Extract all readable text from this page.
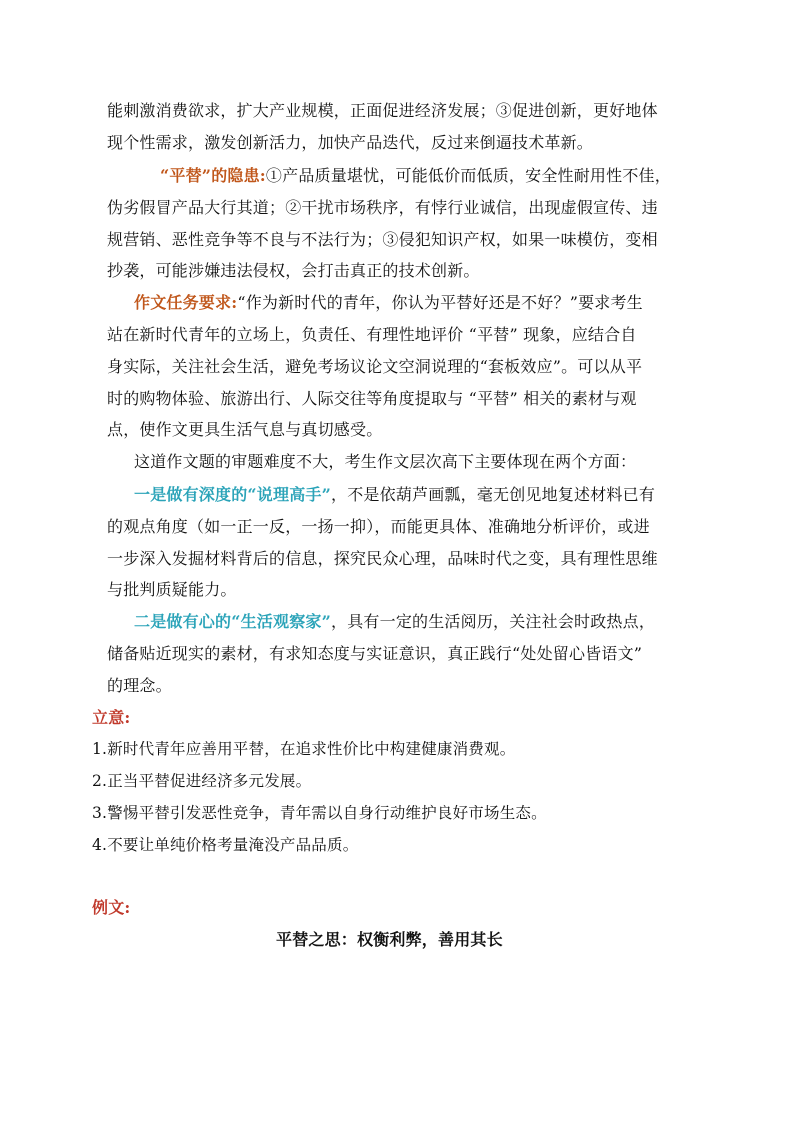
能刺激消费欲求，扩大产业规模，正面促进经济发展；③促进创新，更好地体
现个性需求，激发创新活力，加快产品迭代，反过来倒逼技术革新。
“平替”的隐患:①产品质量堪忧，可能低价而低质，安全性耐用性不佳，
伪劣假冒产品大行其道；②干扰市场秩序，有悖行业诚信，出现虚假宣传、违
规营销、恶性竞争等不良与不法行为；③侵犯知识产权，如果一味模仿，变相
抄袭，可能涉嫌违法侵权，会打击真正的技术创新。
作文任务要求:“作为新时代的青年，你认为平替好还是不好？”要求考生
站在新时代青年的立场上，负责任、有理性地评价 “平替” 现象，应结合自
身实际，关注社会生活，避免考场议论文空洞说理的“套板效应”。可以从平
时的购物体验、旅游出行、人际交往等角度提取与 “平替” 相关的素材与观
点，使作文更具生活气息与真切感受。
这道作文题的审题难度不大，考生作文层次高下主要体现在两个方面：
一是做有深度的“说理高手”，不是依葫芦画瓢，毫无创见地复述材料已有
的观点角度（如一正一反，一扬一抑），而能更具体、准确地分析评价，或进
一步深入发掘材料背后的信息，探究民众心理，品味时代之变，具有理性思维
与批判质疑能力。
二是做有心的“生活观察家”，具有一定的生活阅历，关注社会时政热点，
储备贴近现实的素材，有求知态度与实证意识，真正践行“处处留心皆语文”
的理念。
立意:
1.新时代青年应善用平替，在追求性价比中构建健康消费观。
2.正当平替促进经济多元发展。
3.警惕平替引发恶性竞争，青年需以自身行动维护良好市场生态。
4.不要让单纯价格考量淹没产品品质。
例文:
平替之思：权衡利弊，善用其长
